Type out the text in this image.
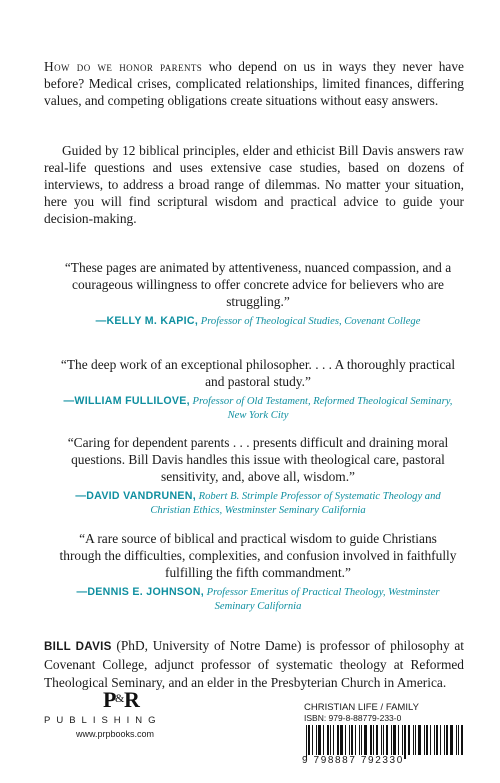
How do we honor parents who depend on us in ways they never have before? Medical crises, complicated relationships, limited finances, differing values, and competing obligations create situations without easy answers.

Guided by 12 biblical principles, elder and ethicist Bill Davis answers raw real-life questions and uses extensive case studies, based on dozens of interviews, to address a broad range of dilemmas. No matter your situation, here you will find scriptural wisdom and practical advice to guide your decision-making.

“These pages are animated by attentiveness, nuanced compassion, and a courageous willingness to offer concrete advice for believers who are struggling.”

—KELLY M. KAPIC, Professor of Theological Studies, Covenant College

“The deep work of an exceptional philosopher. . . . A thoroughly practical and pastoral study.”

—WILLIAM FULLILOVE, Professor of Old Testament, Reformed Theological Seminary, New York City

“Caring for dependent parents . . . presents difficult and draining moral questions. Bill Davis handles this issue with theological care, pastoral sensitivity, and, above all, wisdom.”

—DAVID VANDRUNEN, Robert B. Strimple Professor of Systematic Theology and Christian Ethics, Westminster Seminary California

“A rare source of biblical and practical wisdom to guide Christians through the difficulties, complexities, and confusion involved in faithfully fulfilling the fifth commandment.”

—DENNIS E. JOHNSON, Professor Emeritus of Practical Theology, Westminster Seminary California

BILL DAVIS (PhD, University of Notre Dame) is professor of philosophy at Covenant College, adjunct professor of systematic theology at Reformed Theological Seminary, and an elder in the Presbyterian Church in America.

P R
&
PUBLISHING
www.prpbooks.com
CHRISTIAN LIFE / FAMILY

ISBN: 979-8-88779-233-0

9 798887 792330
